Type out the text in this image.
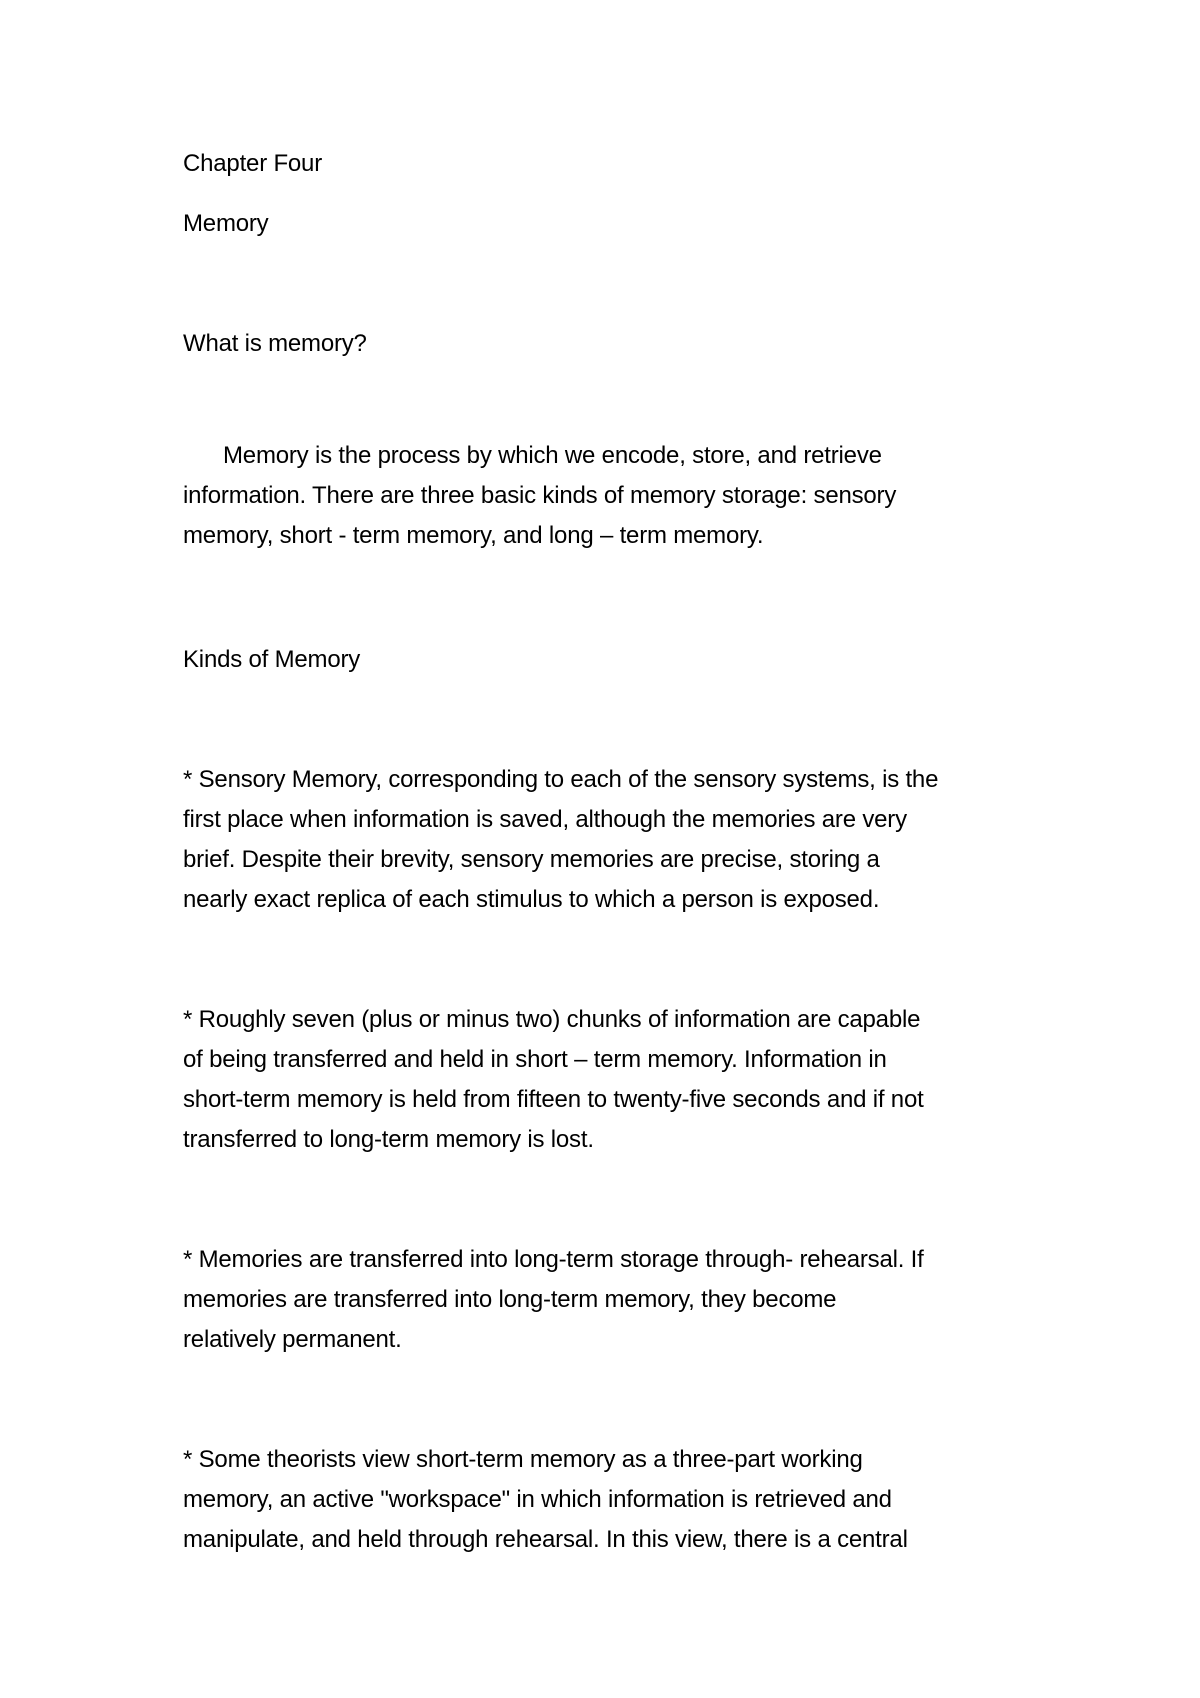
Chapter Four
Memory
What is memory?
Memory is the process by which we encode, store, and retrieve
information. There are three basic kinds of memory storage: sensory
memory, short - term memory, and long – term memory.
Kinds of Memory
* Sensory Memory, corresponding to each of the sensory systems, is the
first place when information is saved, although the memories are very
brief. Despite their brevity, sensory memories are precise, storing a
nearly exact replica of each stimulus to which a person is exposed.
* Roughly seven (plus or minus two) chunks of information are capable
of being transferred and held in short – term memory. Information in
short-term memory is held from fifteen to twenty-five seconds and if not
transferred to long-term memory is lost.
* Memories are transferred into long-term storage through- rehearsal. If
memories are transferred into long-term memory, they become
relatively permanent.
* Some theorists view short-term memory as a three-part working
memory, an active "workspace" in which information is retrieved and
manipulate, and held through rehearsal. In this view, there is a central
